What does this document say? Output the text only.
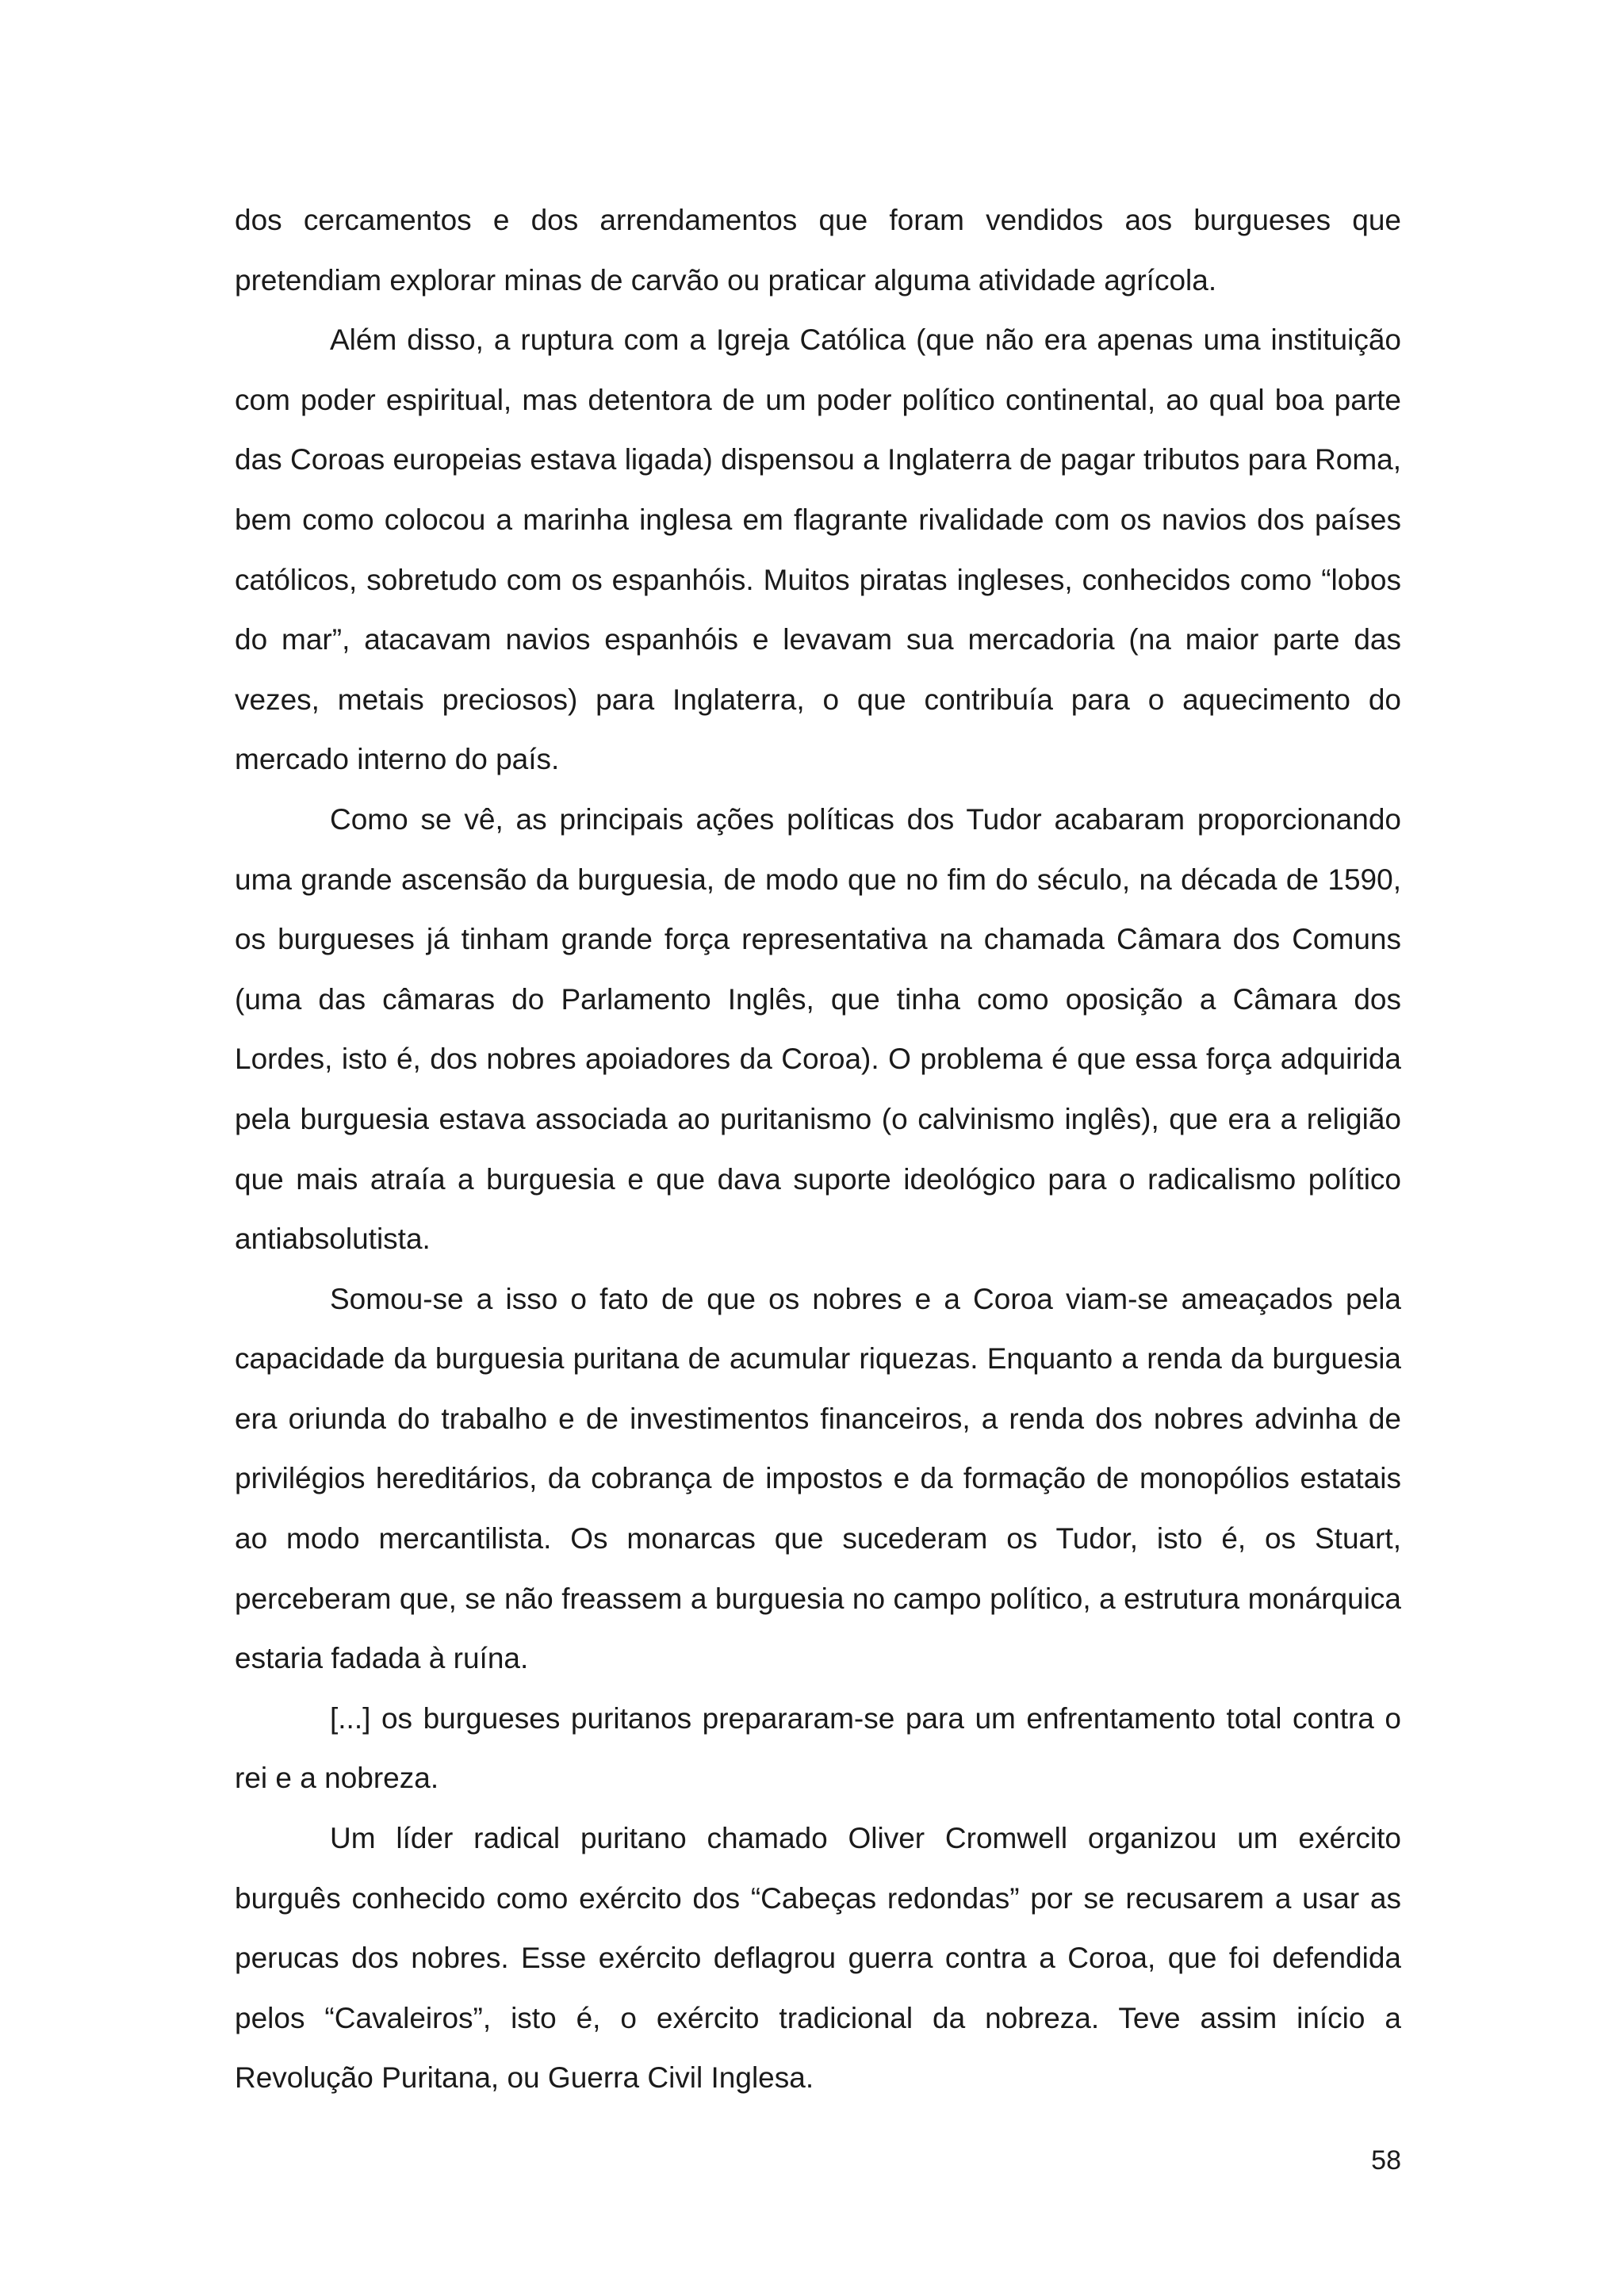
dos cercamentos e dos arrendamentos que foram vendidos aos burgueses que pretendiam explorar minas de carvão ou praticar alguma atividade agrícola.

Além disso, a ruptura com a Igreja Católica (que não era apenas uma instituição com poder espiritual, mas detentora de um poder político continental, ao qual boa parte das Coroas europeias estava ligada) dispensou a Inglaterra de pagar tributos para Roma, bem como colocou a marinha inglesa em flagrante rivalidade com os navios dos países católicos, sobretudo com os espanhóis. Muitos piratas ingleses, conhecidos como “lobos do mar”, atacavam navios espanhóis e levavam sua mercadoria (na maior parte das vezes, metais preciosos) para Inglaterra, o que contribuía para o aquecimento do mercado interno do país.

Como se vê, as principais ações políticas dos Tudor acabaram proporcionando uma grande ascensão da burguesia, de modo que no fim do século, na década de 1590, os burgueses já tinham grande força representativa na chamada Câmara dos Comuns (uma das câmaras do Parlamento Inglês, que tinha como oposição a Câmara dos Lordes, isto é, dos nobres apoiadores da Coroa). O problema é que essa força adquirida pela burguesia estava associada ao puritanismo (o calvinismo inglês), que era a religião que mais atraía a burguesia e que dava suporte ideológico para o radicalismo político antiabsolutista.

Somou-se a isso o fato de que os nobres e a Coroa viam-se ameaçados pela capacidade da burguesia puritana de acumular riquezas. Enquanto a renda da burguesia era oriunda do trabalho e de investimentos financeiros, a renda dos nobres advinha de privilégios hereditários, da cobrança de impostos e da formação de monopólios estatais ao modo mercantilista. Os monarcas que sucederam os Tudor, isto é, os Stuart, perceberam que, se não freassem a burguesia no campo político, a estrutura monárquica estaria fadada à ruína.

[...] os burgueses puritanos prepararam-se para um enfrentamento total contra o rei e a nobreza.

Um líder radical puritano chamado Oliver Cromwell organizou um exército burguês conhecido como exército dos “Cabeças redondas” por se recusarem a usar as perucas dos nobres. Esse exército deflagrou guerra contra a Coroa, que foi defendida pelos “Cavaleiros”, isto é, o exército tradicional da nobreza. Teve assim início a Revolução Puritana, ou Guerra Civil Inglesa.

58
